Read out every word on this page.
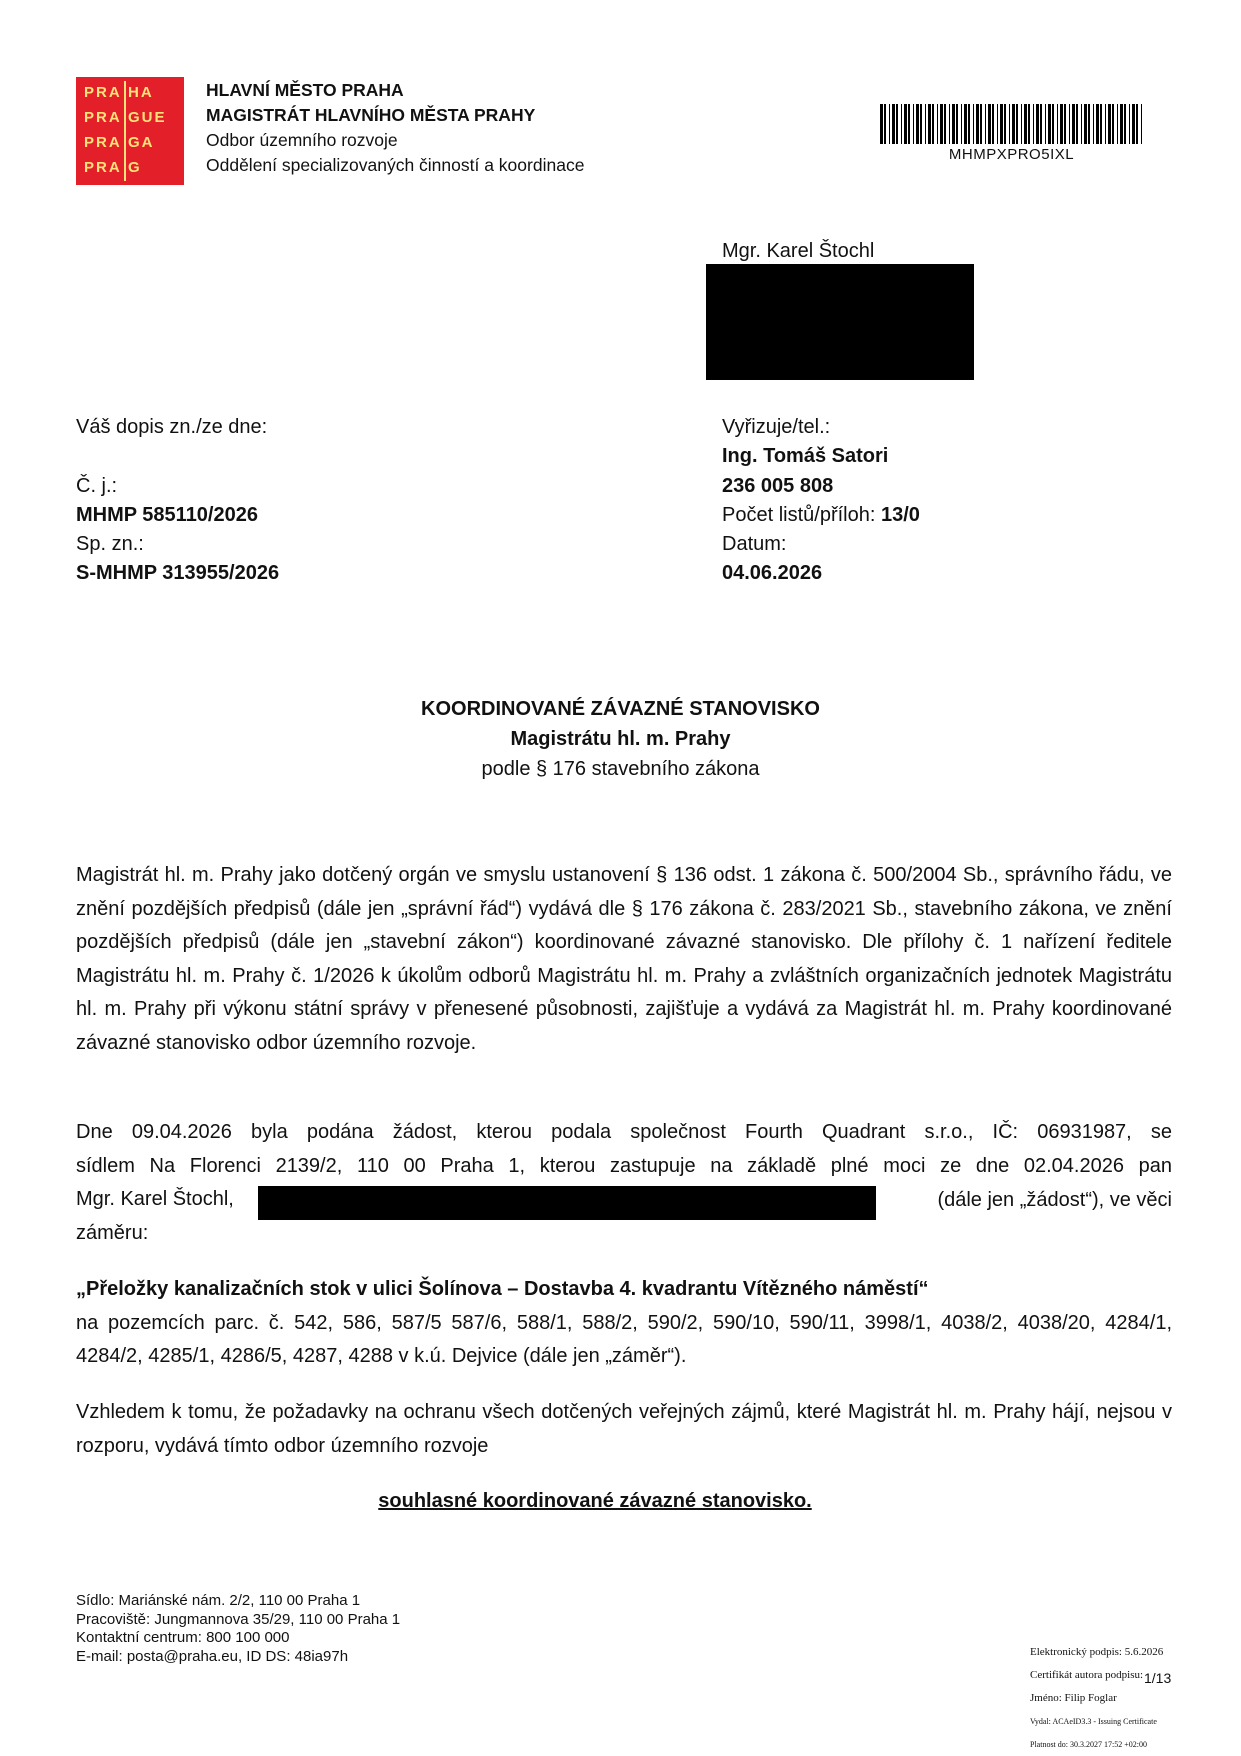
PRA HA
PRA GUE
PRA GA
PRA G
HLAVNÍ MĚSTO PRAHA
MAGISTRÁT HLAVNÍHO MĚSTA PRAHY
Odbor územního rozvoje
Oddělení specializovaných činností a koordinace
MHMPXPRO5IXL
Mgr. Karel Štochl
Váš dopis zn./ze dne:
Č. j.:
MHMP 585110/2026
Sp. zn.:
S-MHMP 313955/2026
Vyřizuje/tel.:
Ing. Tomáš Satori
236 005 808
Počet listů/příloh: 13/0
Datum:
04.06.2026
KOORDINOVANÉ ZÁVAZNÉ STANOVISKO
Magistrátu hl. m. Prahy
podle § 176 stavebního zákona
Magistrát hl. m. Prahy jako dotčený orgán ve smyslu ustanovení § 136 odst. 1 zákona č. 500/2004 Sb., správního řádu, ve znění pozdějších předpisů (dále jen „správní řád“) vydává dle § 176 zákona č. 283/2021 Sb., stavebního zákona, ve znění pozdějších předpisů (dále jen „stavební zákon“) koordinované závazné stanovisko. Dle přílohy č. 1 nařízení ředitele Magistrátu hl. m. Prahy č. 1/2026 k úkolům odborů Magistrátu hl. m. Prahy a zvláštních organizačních jednotek Magistrátu hl. m. Prahy při výkonu státní správy v přenesené působnosti, zajišťuje a vydává za Magistrát hl. m. Prahy koordinované závazné stanovisko odbor územního rozvoje.
Dne 09.04.2026 byla podána žádost, kterou podala společnost Fourth Quadrant s.r.o., IČ: 06931987, se
sídlem Na Florenci 2139/2, 110 00 Praha 1, kterou zastupuje na základě plné moci ze dne 02.04.2026 pan
Mgr. Karel Štochl,	(dále jen „žádost“), ve věci
záměru:
„Přeložky kanalizačních stok v ulici Šolínova – Dostavba 4. kvadrantu Vítězného náměstí“
na pozemcích parc. č. 542, 586, 587/5 587/6, 588/1, 588/2, 590/2, 590/10, 590/11, 3998/1, 4038/2, 4038/20, 4284/1, 4284/2, 4285/1, 4286/5, 4287, 4288 v k.ú. Dejvice (dále jen „záměr“).
Vzhledem k tomu, že požadavky na ochranu všech dotčených veřejných zájmů, které Magistrát hl. m. Prahy hájí, nejsou v rozporu, vydává tímto odbor územního rozvoje
souhlasné koordinované závazné stanovisko.
Sídlo: Mariánské nám. 2/2, 110 00 Praha 1
Pracoviště: Jungmannova 35/29, 110 00 Praha 1
Kontaktní centrum: 800 100 000
E-mail: posta@praha.eu, ID DS: 48ia97h	Elektronický podpis: 5.6.2026
Certifikát autora podpisu:
Jméno: Filip Foglar
Vydal: ACAeID3.3 - Issuing Certificate
Platnost do: 30.3.2027 17:52 +02:00
1/13
